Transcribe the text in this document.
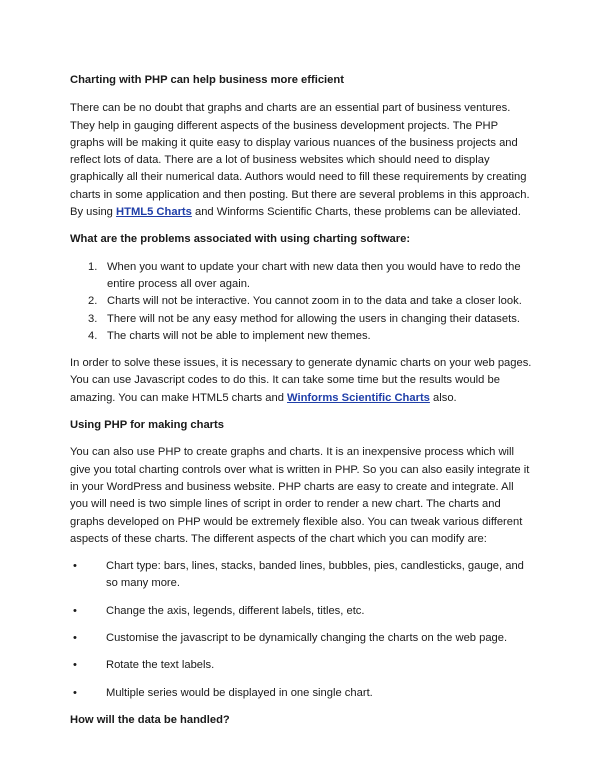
Charting with PHP can help business more efficient

There can be no doubt that graphs and charts are an essential part of business ventures. They help in gauging different aspects of the business development projects. The PHP graphs will be making it quite easy to display various nuances of the business projects and reflect lots of data. There are a lot of business websites which should need to display graphically all their numerical data. Authors would need to fill these requirements by creating charts in some application and then posting. But there are several problems in this approach. By using HTML5 Charts and Winforms Scientific Charts, these problems can be alleviated.

What are the problems associated with using charting software:

1. When you want to update your chart with new data then you would have to redo the entire process all over again.
2. Charts will not be interactive. You cannot zoom in to the data and take a closer look.
3. There will not be any easy method for allowing the users in changing their datasets.
4. The charts will not be able to implement new themes.

In order to solve these issues, it is necessary to generate dynamic charts on your web pages. You can use Javascript codes to do this. It can take some time but the results would be amazing. You can make HTML5 charts and Winforms Scientific Charts also.

Using PHP for making charts

You can also use PHP to create graphs and charts. It is an inexpensive process which will give you total charting controls over what is written in PHP. So you can also easily integrate it in your WordPress and business website. PHP charts are easy to create and integrate. All you will need is two simple lines of script in order to render a new chart. The charts and graphs developed on PHP would be extremely flexible also. You can tweak various different aspects of these charts. The different aspects of the chart which you can modify are:

•	Chart type: bars, lines, stacks, banded lines, bubbles, pies, candlesticks, gauge, and so many more.
•	Change the axis, legends, different labels, titles, etc.
•	Customise the javascript to be dynamically changing the charts on the web page.
•	Rotate the text labels.
•	Multiple series would be displayed in one single chart.

How will the data be handled?
